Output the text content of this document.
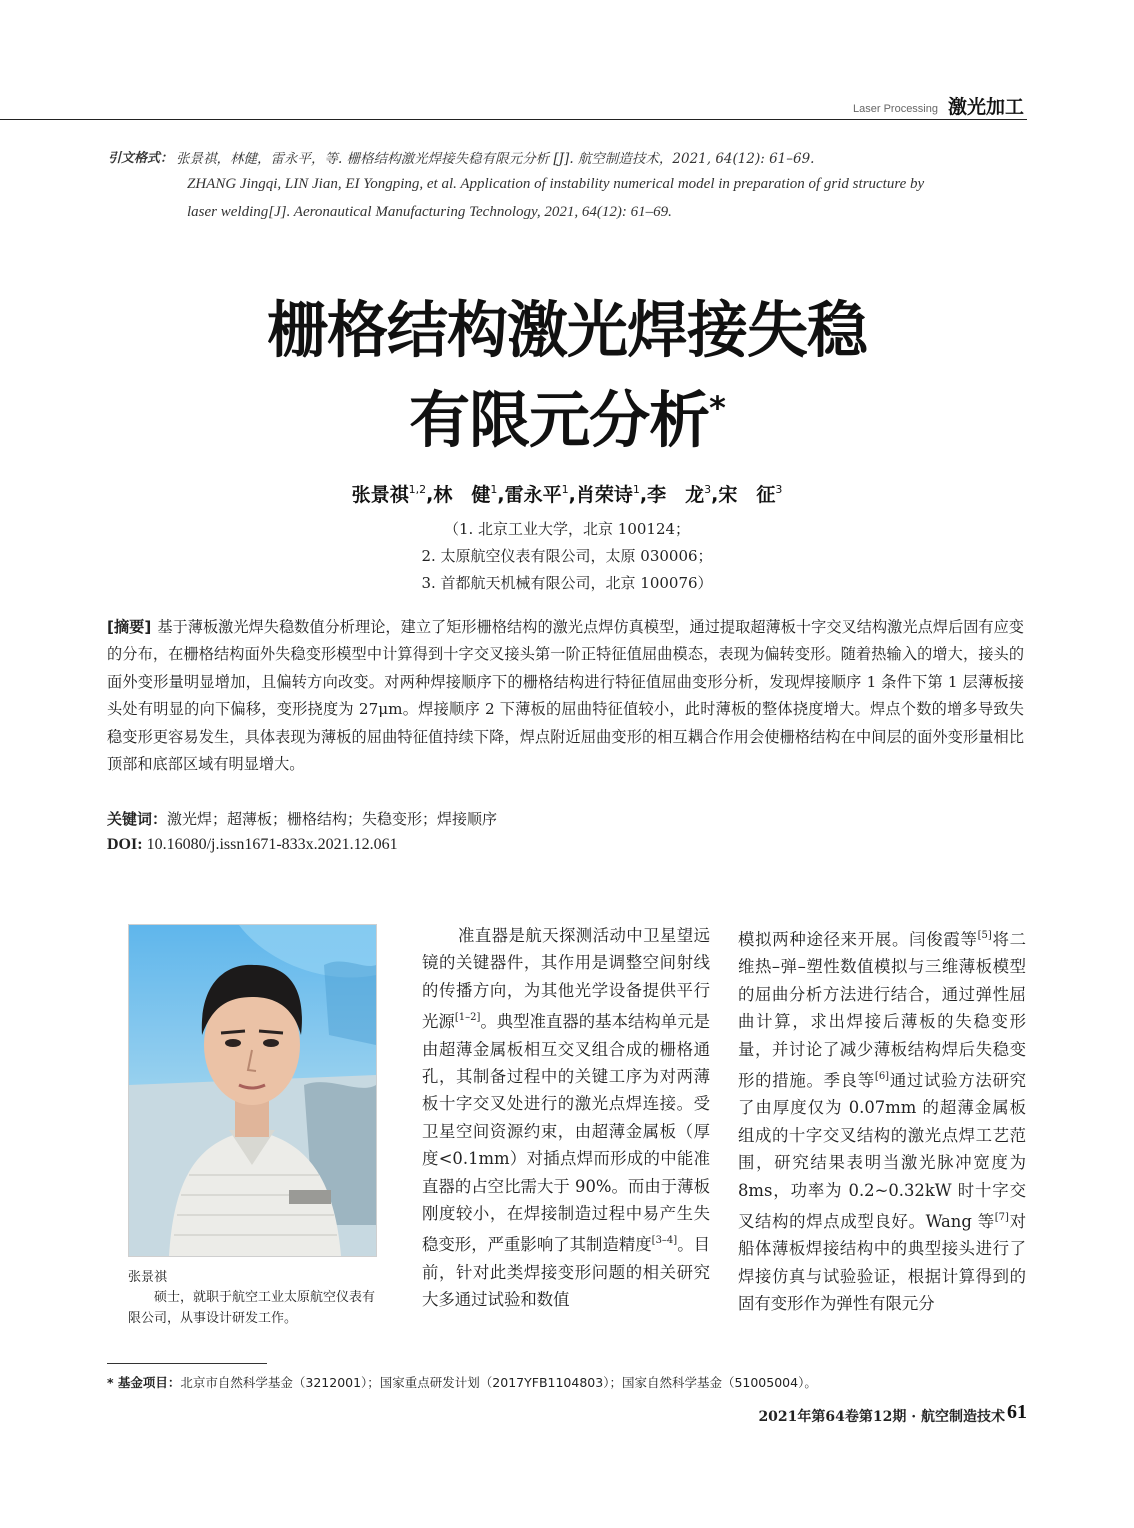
Laser Processing 激光加工
引文格式： 张景祺，林健，雷永平，等. 栅格结构激光焊接失稳有限元分析 [J]. 航空制造技术，2021, 64(12): 61–69.
ZHANG Jingqi, LIN Jian, EI Yongping, et al. Application of instability numerical model in preparation of grid structure by
laser welding[J]. Aeronautical Manufacturing Technology, 2021, 64(12): 61–69.
栅格结构激光焊接失稳
有限元分析*
张景祺$^{1,2}$,林　健$^1$,雷永平$^1$,肖荣诗$^1$,李　龙$^3$,宋　征$^3$
（1. 北京工业大学，北京 100124；
2. 太原航空仪表有限公司，太原 030006；
3. 首都航天机械有限公司，北京 100076）
[摘要] 基于薄板激光焊失稳数值分析理论，建立了矩形栅格结构的激光点焊仿真模型，通过提取超薄板十字交叉结构激光点焊后固有应变的分布，在栅格结构面外失稳变形模型中计算得到十字交叉接头第一阶正特征值屈曲模态，表现为偏转变形。随着热输入的增大，接头的面外变形量明显增加，且偏转方向改变。对两种焊接顺序下的栅格结构进行特征值屈曲变形分析，发现焊接顺序 1 条件下第 1 层薄板接头处有明显的向下偏移，变形挠度为 27μm。焊接顺序 2 下薄板的屈曲特征值较小，此时薄板的整体挠度增大。焊点个数的增多导致失稳变形更容易发生，具体表现为薄板的屈曲特征值持续下降，焊点附近屈曲变形的相互耦合作用会使栅格结构在中间层的面外变形量相比顶部和底部区域有明显增大。
关键词：激光焊；超薄板；栅格结构；失稳变形；焊接顺序
DOI: 10.16080/j.issn1671-833x.2021.12.061
张景祺
硕士，就职于航空工业太原航空仪表有限公司，从事设计研发工作。
准直器是航天探测活动中卫星望远镜的关键器件，其作用是调整空间射线的传播方向，为其他光学设备提供平行光源[1–2]。典型准直器的基本结构单元是由超薄金属板相互交叉组合成的栅格通孔，其制备过程中的关键工序为对两薄板十字交叉处进行的激光点焊连接。受卫星空间资源约束，由超薄金属板（厚度<0.1mm）对插点焊而形成的中能准直器的占空比需大于 90%。而由于薄板刚度较小，在焊接制造过程中易产生失稳变形，严重影响了其制造精度[3–4]。目前，针对此类焊接变形问题的相关研究大多通过试验和数值
模拟两种途径来开展。闫俊霞等[5]将二维热–弹–塑性数值模拟与三维薄板模型的屈曲分析方法进行结合，通过弹性屈曲计算，求出焊接后薄板的失稳变形量，并讨论了减少薄板结构焊后失稳变形的措施。季良等[6]通过试验方法研究了由厚度仅为 0.07mm 的超薄金属板组成的十字交叉结构的激光点焊工艺范围，研究结果表明当激光脉冲宽度为 8ms，功率为 0.2~0.32kW 时十字交叉结构的焊点成型良好。Wang 等[7]对船体薄板焊接结构中的典型接头进行了焊接仿真与试验验证，根据计算得到的固有变形作为弹性有限元分
* 基金项目：北京市自然科学基金（3212001）；国家重点研发计划（2017YFB1104803）；国家自然科学基金（51005004）。
2021年第64卷第12期 · 航空制造技术 61
